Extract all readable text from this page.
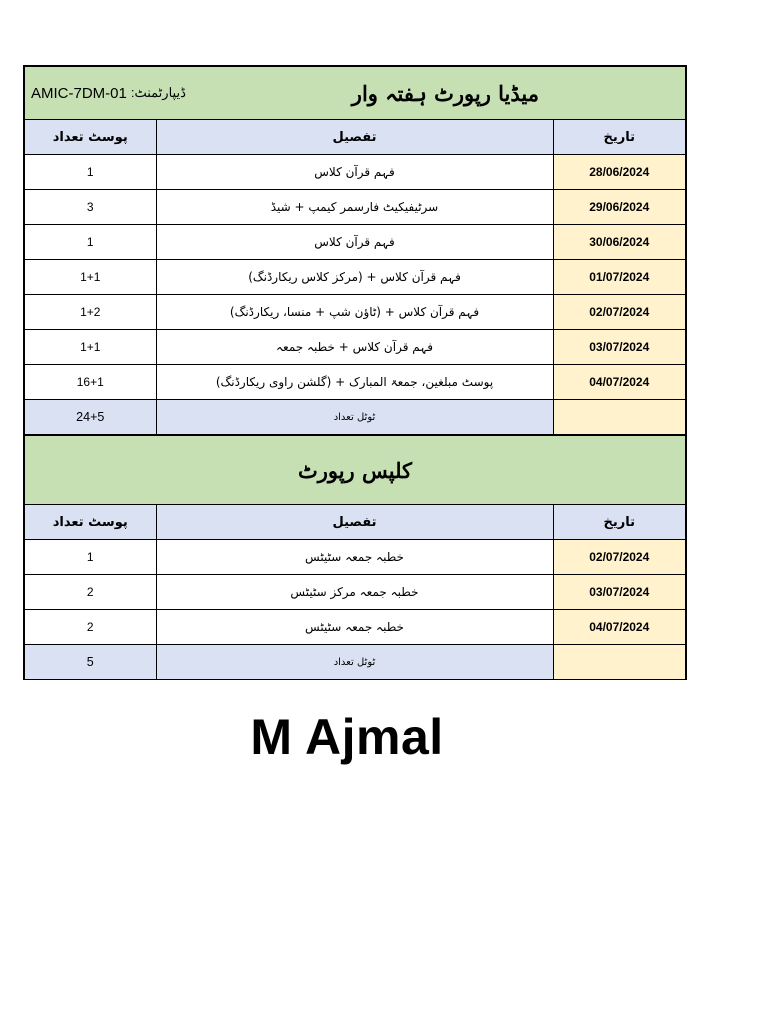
AMIC-7DM-01 ڈیپارٹمنٹ: میڈیا رپورٹ ہفتہ وار		

پوسٹ تعداد	تفصیل	تاریخ
1	فہم قرآن کلاس	28/06/2024
3	سرٹیفیکیٹ فارسمر کیمپ + شیڈ	29/06/2024
1	فہم قرآن کلاس	30/06/2024
1+1	فہم قرآن کلاس + (مرکز کلاس ریکارڈنگ)	01/07/2024
1+2	فہم قرآن کلاس + (ٹاؤن شپ + منسا، ریکارڈنگ)	02/07/2024
1+1	فہم قرآن کلاس + خطبہ جمعہ	03/07/2024
16+1	پوسٹ مبلغین، جمعۃ المبارک + (گلشن راوی ریکارڈنگ)	04/07/2024
24+5	ٹوٹل تعداد	
کلپس رپورٹ		
پوسٹ تعداد	تفصیل	تاریخ
1	خطبہ جمعہ سٹیٹس	02/07/2024
2	خطبہ جمعہ مرکز سٹیٹس	03/07/2024
2	خطبہ جمعہ سٹیٹس	04/07/2024
5	ٹوٹل تعداد	
M Ajmal
